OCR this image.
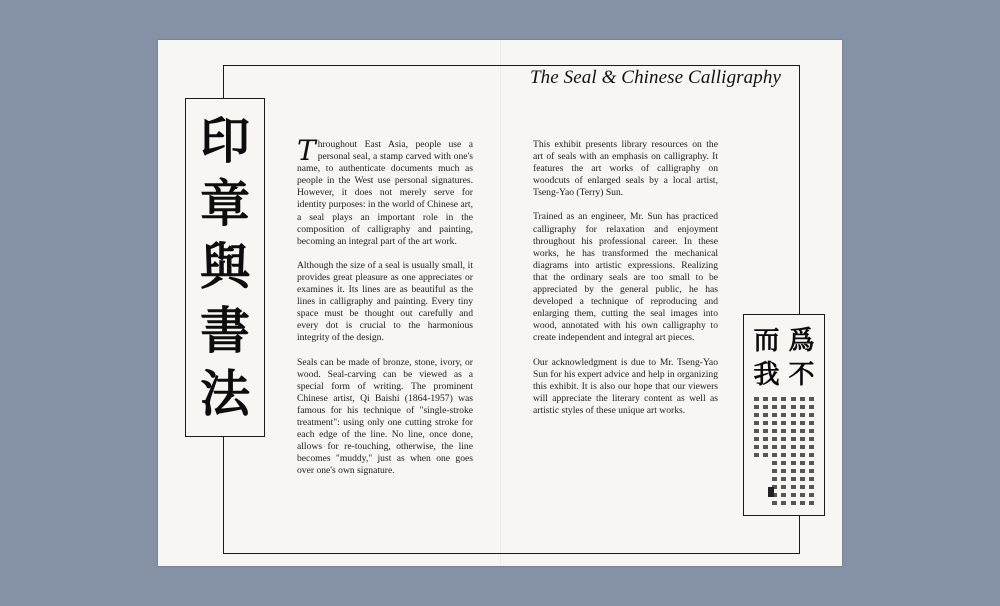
The Seal & Chinese Calligraphy
印
章
與
書
法

Throughout East Asia, people use a personal seal, a stamp carved with one's name, to authenticate documents much as people in the West use personal signatures. However, it does not merely serve for identity purposes: in the world of Chinese art, a seal plays an important role in the composition of calligraphy and painting, becoming an integral part of the art work.

Although the size of a seal is usually small, it provides great pleasure as one appreciates or examines it. Its lines are as beautiful as the lines in calligraphy and painting. Every tiny space must be thought out carefully and every dot is crucial to the harmonious integrity of the design.

Seals can be made of bronze, stone, ivory, or wood. Seal-carving can be viewed as a special form of writing. The prominent Chinese artist, Qi Baishi (1864-1957) was famous for his technique of "single-stroke treatment": using only one cutting stroke for each edge of the line. No line, once done, allows for re-touching, otherwise, the line becomes "muddy," just as when one goes over one's own signature.

This exhibit presents library resources on the art of seals with an emphasis on calligraphy. It features the art works of calligraphy on woodcuts of enlarged seals by a local artist, Tseng-Yao (Terry) Sun.

Trained as an engineer, Mr. Sun has practiced calligraphy for relaxation and enjoyment throughout his professional career. In these works, he has transformed the mechanical diagrams into artistic expressions. Realizing that the ordinary seals are too small to be appreciated by the general public, he has developed a technique of reproducing and enlarging them, cutting the seal images into wood, annotated with his own calligraphy to create independent and integral art pieces.

Our acknowledgment is due to Mr. Tseng-Yao Sun for his expert advice and help in organizing this exhibit. It is also our hope that our viewers will appreciate the literary content as well as artistic styles of these unique art works.

而 爲
我 不
